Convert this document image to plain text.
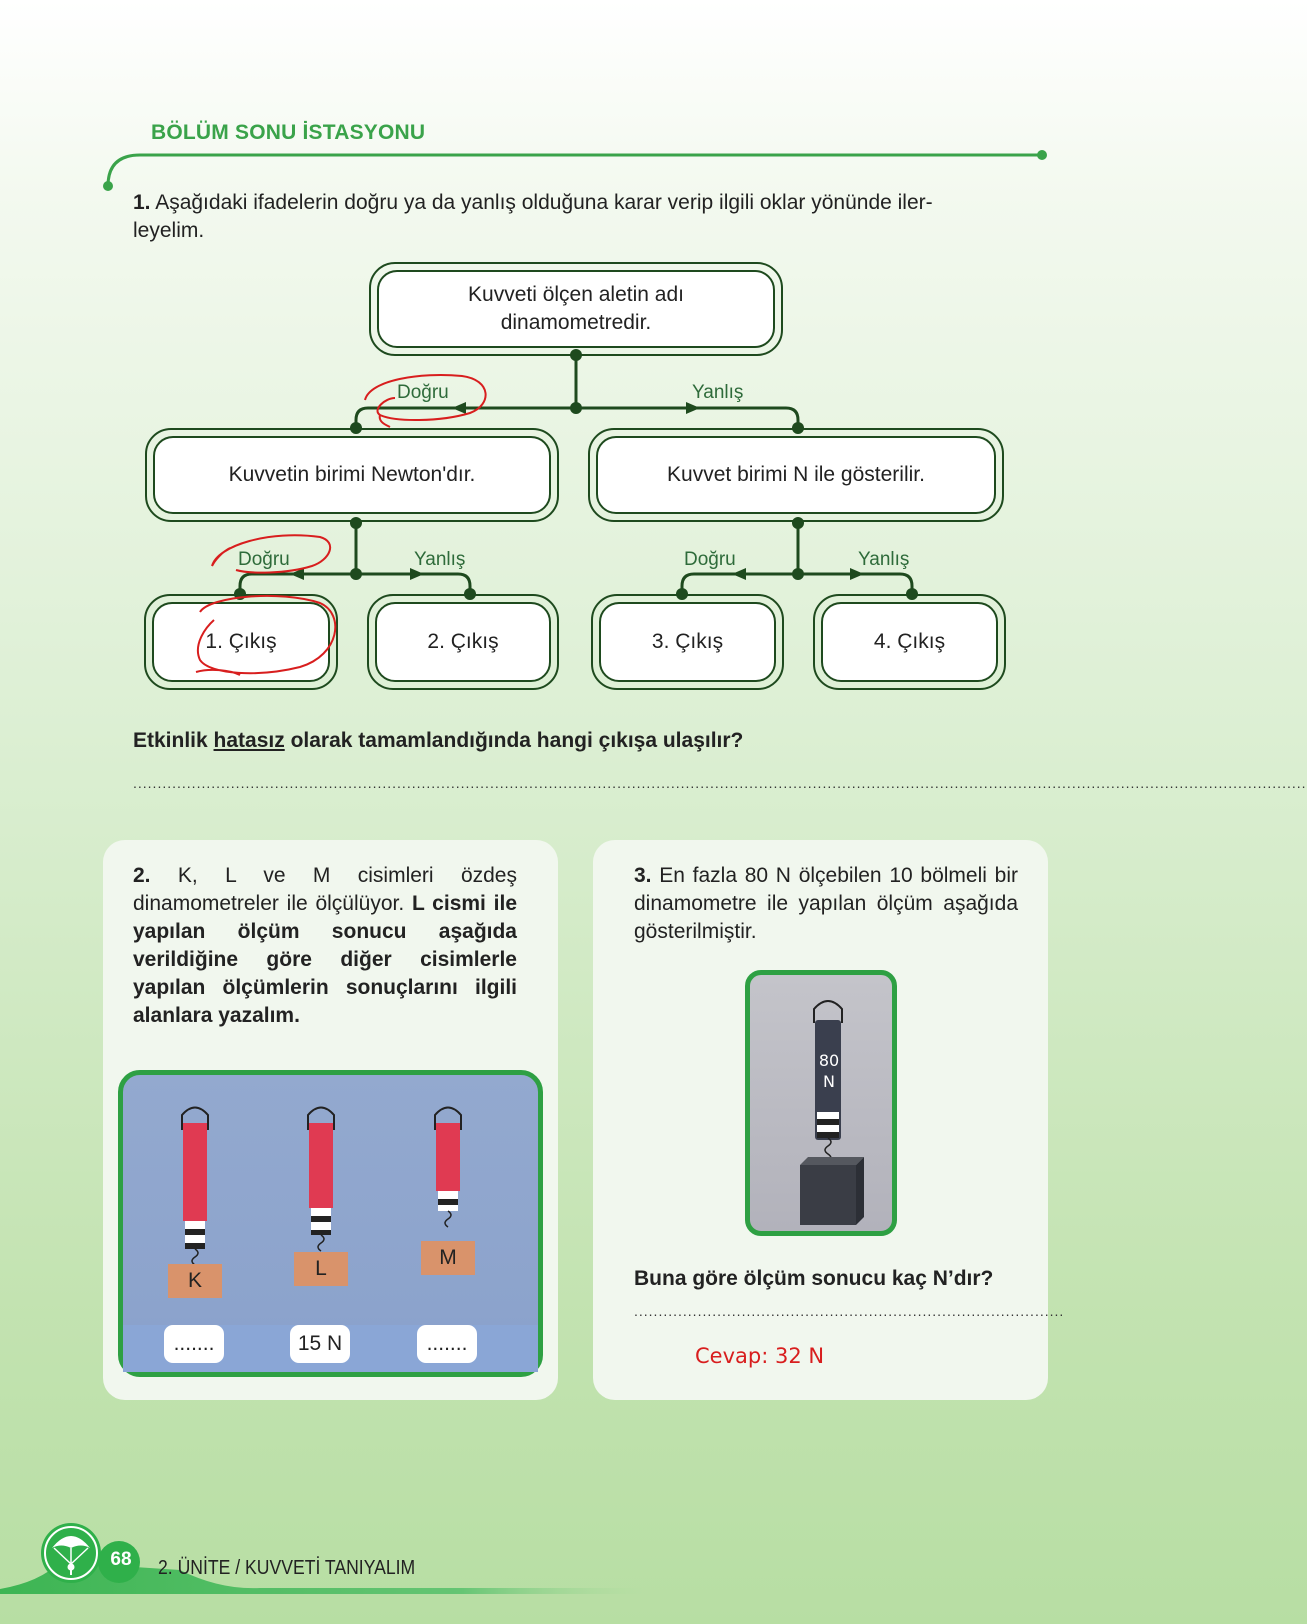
BÖLÜM SONU İSTASYONU
1. Aşağıdaki ifadelerin doğru ya da yanlış olduğuna karar verip ilgili oklar yönünde iler-
leyelim.
Kuvveti ölçen aletin adı
dinamometredir.
Kuvvetin birimi Newton'dır.	Kuvvet birimi N ile gösterilir.
Doğru	Yanlış
Doğru	Yanlış	Doğru	Yanlış
1. Çıkış	2. Çıkış	3. Çıkış	4. Çıkış
Etkinlik hatasız olarak tamamlandığında hangi çıkışa ulaşılır?
................................................................................................................................................................................................................................................
2. K, L ve M cisimleri özdeş dinamometreler ile ölçülüyor. L cismi ile yapılan ölçüm sonucu aşağıda verildiğine göre diğer cisimlerle yapılan ölçümlerin sonuçlarını ilgili alanlara yazalım.
K
L	M
.......	15 N	.......
3. En fazla 80 N ölçebilen 10 bölmeli bir dinamometre ile yapılan ölçüm aşağıda gösterilmiştir.
80
N
Buna göre ölçüm sonucu kaç N’dır?
........................................................................................
Cevap: 32 N
68	2. ÜNİTE / KUVVETİ TANIYALIM
